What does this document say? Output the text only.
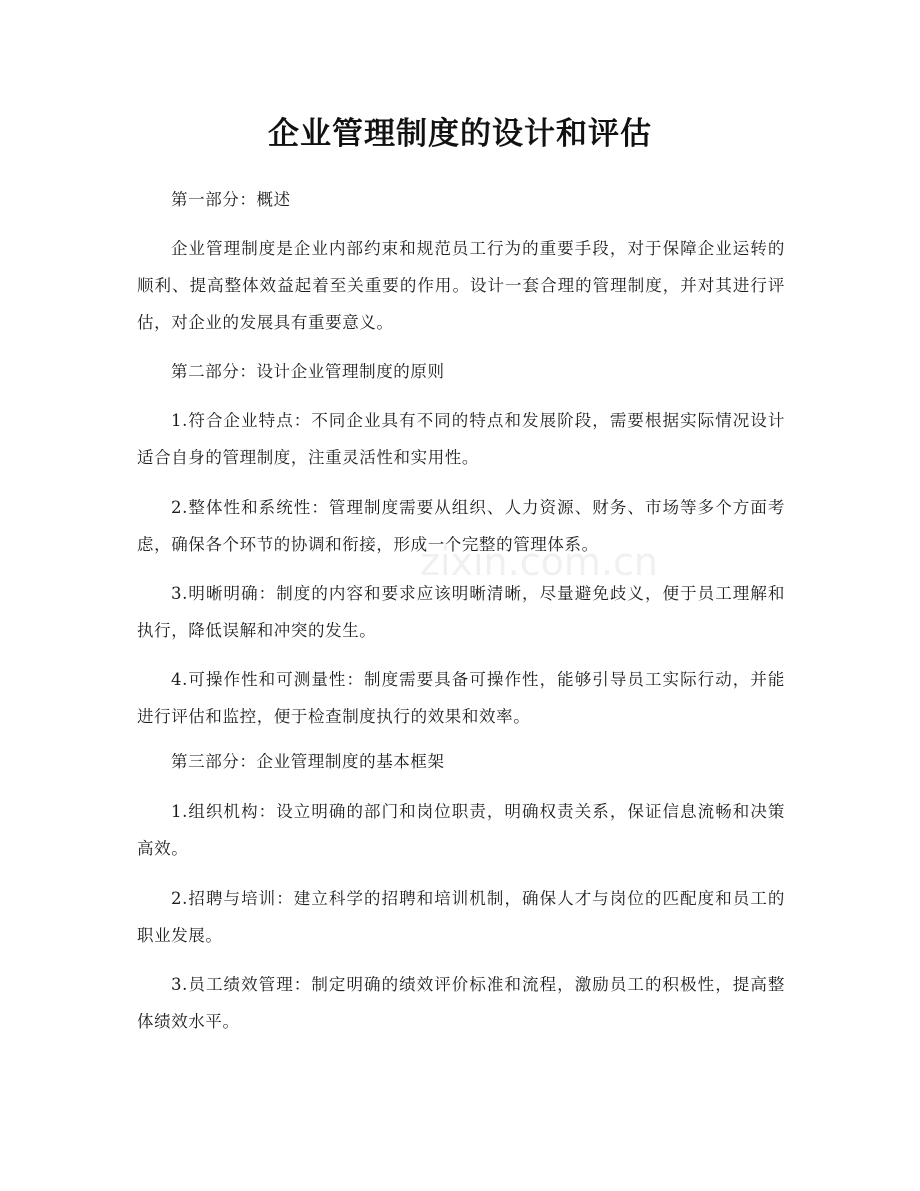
企业管理制度的设计和评估
zixin.com.cn

第一部分：概述

企业管理制度是企业内部约束和规范员工行为的重要手段，对于保障企业运转的顺利、提高整体效益起着至关重要的作用。设计一套合理的管理制度，并对其进行评估，对企业的发展具有重要意义。

第二部分：设计企业管理制度的原则

1.符合企业特点：不同企业具有不同的特点和发展阶段，需要根据实际情况设计适合自身的管理制度，注重灵活性和实用性。

2.整体性和系统性：管理制度需要从组织、人力资源、财务、市场等多个方面考虑，确保各个环节的协调和衔接，形成一个完整的管理体系。

3.明晰明确：制度的内容和要求应该明晰清晰，尽量避免歧义，便于员工理解和执行，降低误解和冲突的发生。

4.可操作性和可测量性：制度需要具备可操作性，能够引导员工实际行动，并能进行评估和监控，便于检查制度执行的效果和效率。

第三部分：企业管理制度的基本框架

1.组织机构：设立明确的部门和岗位职责，明确权责关系，保证信息流畅和决策高效。

2.招聘与培训：建立科学的招聘和培训机制，确保人才与岗位的匹配度和员工的职业发展。

3.员工绩效管理：制定明确的绩效评价标准和流程，激励员工的积极性，提高整体绩效水平。
